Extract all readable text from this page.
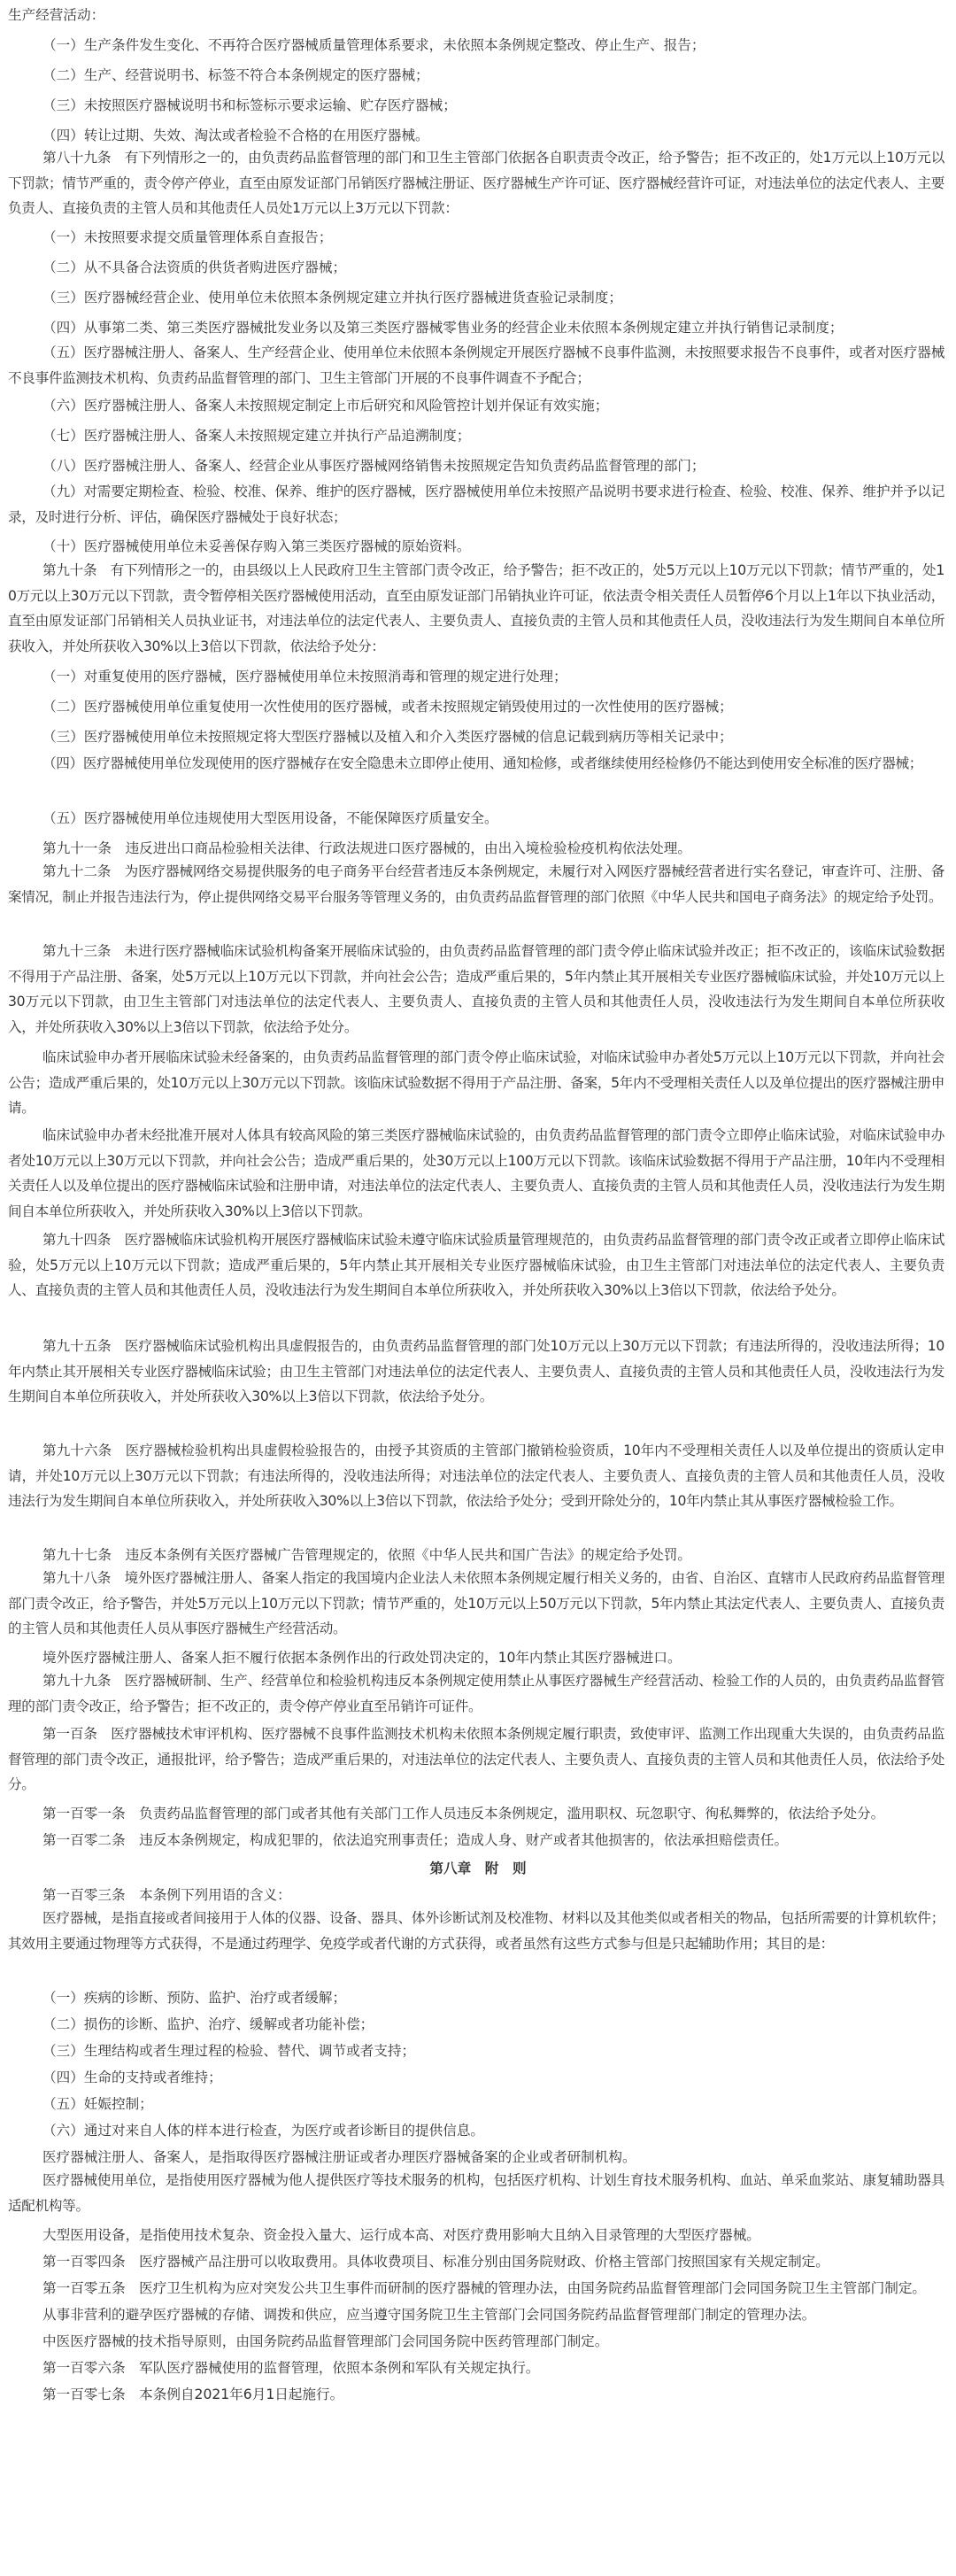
生产经营活动：

（一）生产条件发生变化、不再符合医疗器械质量管理体系要求，未依照本条例规定整改、停止生产、报告；

（二）生产、经营说明书、标签不符合本条例规定的医疗器械；

（三）未按照医疗器械说明书和标签标示要求运输、贮存医疗器械；

（四）转让过期、失效、淘汰或者检验不合格的在用医疗器械。

第八十九条　有下列情形之一的，由负责药品监督管理的部门和卫生主管部门依据各自职责责令改正，给予警告；拒不改正的，处1万元以上10万元以下罚款；情节严重的，责令停产停业，直至由原发证部门吊销医疗器械注册证、医疗器械生产许可证、医疗器械经营许可证，对违法单位的法定代表人、主要负责人、直接负责的主管人员和其他责任人员处1万元以上3万元以下罚款：

（一）未按照要求提交质量管理体系自查报告；

（二）从不具备合法资质的供货者购进医疗器械；

（三）医疗器械经营企业、使用单位未依照本条例规定建立并执行医疗器械进货查验记录制度；

（四）从事第二类、第三类医疗器械批发业务以及第三类医疗器械零售业务的经营企业未依照本条例规定建立并执行销售记录制度；

（五）医疗器械注册人、备案人、生产经营企业、使用单位未依照本条例规定开展医疗器械不良事件监测，未按照要求报告不良事件，或者对医疗器械不良事件监测技术机构、负责药品监督管理的部门、卫生主管部门开展的不良事件调查不予配合；

（六）医疗器械注册人、备案人未按照规定制定上市后研究和风险管控计划并保证有效实施；

（七）医疗器械注册人、备案人未按照规定建立并执行产品追溯制度；

（八）医疗器械注册人、备案人、经营企业从事医疗器械网络销售未按照规定告知负责药品监督管理的部门；

（九）对需要定期检查、检验、校准、保养、维护的医疗器械，医疗器械使用单位未按照产品说明书要求进行检查、检验、校准、保养、维护并予以记录，及时进行分析、评估，确保医疗器械处于良好状态；

（十）医疗器械使用单位未妥善保存购入第三类医疗器械的原始资料。

第九十条　有下列情形之一的，由县级以上人民政府卫生主管部门责令改正，给予警告；拒不改正的，处5万元以上10万元以下罚款；情节严重的，处10万元以上30万元以下罚款，责令暂停相关医疗器械使用活动，直至由原发证部门吊销执业许可证，依法责令相关责任人员暂停6个月以上1年以下执业活动，直至由原发证部门吊销相关人员执业证书，对违法单位的法定代表人、主要负责人、直接负责的主管人员和其他责任人员，没收违法行为发生期间自本单位所获收入，并处所获收入30%以上3倍以下罚款，依法给予处分：

（一）对重复使用的医疗器械，医疗器械使用单位未按照消毒和管理的规定进行处理；

（二）医疗器械使用单位重复使用一次性使用的医疗器械，或者未按照规定销毁使用过的一次性使用的医疗器械；

（三）医疗器械使用单位未按照规定将大型医疗器械以及植入和介入类医疗器械的信息记载到病历等相关记录中；

（四）医疗器械使用单位发现使用的医疗器械存在安全隐患未立即停止使用、通知检修，或者继续使用经检修仍不能达到使用安全标准的医疗器械；

（五）医疗器械使用单位违规使用大型医用设备，不能保障医疗质量安全。

第九十一条　违反进出口商品检验相关法律、行政法规进口医疗器械的，由出入境检验检疫机构依法处理。

第九十二条　为医疗器械网络交易提供服务的电子商务平台经营者违反本条例规定，未履行对入网医疗器械经营者进行实名登记，审查许可、注册、备案情况，制止并报告违法行为，停止提供网络交易平台服务等管理义务的，由负责药品监督管理的部门依照《中华人民共和国电子商务法》的规定给予处罚。

第九十三条　未进行医疗器械临床试验机构备案开展临床试验的，由负责药品监督管理的部门责令停止临床试验并改正；拒不改正的，该临床试验数据不得用于产品注册、备案，处5万元以上10万元以下罚款，并向社会公告；造成严重后果的，5年内禁止其开展相关专业医疗器械临床试验，并处10万元以上30万元以下罚款，由卫生主管部门对违法单位的法定代表人、主要负责人、直接负责的主管人员和其他责任人员，没收违法行为发生期间自本单位所获收入，并处所获收入30%以上3倍以下罚款，依法给予处分。

临床试验申办者开展临床试验未经备案的，由负责药品监督管理的部门责令停止临床试验，对临床试验申办者处5万元以上10万元以下罚款，并向社会公告；造成严重后果的，处10万元以上30万元以下罚款。该临床试验数据不得用于产品注册、备案，5年内不受理相关责任人以及单位提出的医疗器械注册申请。

临床试验申办者未经批准开展对人体具有较高风险的第三类医疗器械临床试验的，由负责药品监督管理的部门责令立即停止临床试验，对临床试验申办者处10万元以上30万元以下罚款，并向社会公告；造成严重后果的，处30万元以上100万元以下罚款。该临床试验数据不得用于产品注册，10年内不受理相关责任人以及单位提出的医疗器械临床试验和注册申请，对违法单位的法定代表人、主要负责人、直接负责的主管人员和其他责任人员，没收违法行为发生期间自本单位所获收入，并处所获收入30%以上3倍以下罚款。

第九十四条　医疗器械临床试验机构开展医疗器械临床试验未遵守临床试验质量管理规范的，由负责药品监督管理的部门责令改正或者立即停止临床试验，处5万元以上10万元以下罚款；造成严重后果的，5年内禁止其开展相关专业医疗器械临床试验，由卫生主管部门对违法单位的法定代表人、主要负责人、直接负责的主管人员和其他责任人员，没收违法行为发生期间自本单位所获收入，并处所获收入30%以上3倍以下罚款，依法给予处分。

第九十五条　医疗器械临床试验机构出具虚假报告的，由负责药品监督管理的部门处10万元以上30万元以下罚款；有违法所得的，没收违法所得；10年内禁止其开展相关专业医疗器械临床试验；由卫生主管部门对违法单位的法定代表人、主要负责人、直接负责的主管人员和其他责任人员，没收违法行为发生期间自本单位所获收入，并处所获收入30%以上3倍以下罚款，依法给予处分。

第九十六条　医疗器械检验机构出具虚假检验报告的，由授予其资质的主管部门撤销检验资质，10年内不受理相关责任人以及单位提出的资质认定申请，并处10万元以上30万元以下罚款；有违法所得的，没收违法所得；对违法单位的法定代表人、主要负责人、直接负责的主管人员和其他责任人员，没收违法行为发生期间自本单位所获收入，并处所获收入30%以上3倍以下罚款，依法给予处分；受到开除处分的，10年内禁止其从事医疗器械检验工作。

第九十七条　违反本条例有关医疗器械广告管理规定的，依照《中华人民共和国广告法》的规定给予处罚。

第九十八条　境外医疗器械注册人、备案人指定的我国境内企业法人未依照本条例规定履行相关义务的，由省、自治区、直辖市人民政府药品监督管理部门责令改正，给予警告，并处5万元以上10万元以下罚款；情节严重的，处10万元以上50万元以下罚款，5年内禁止其法定代表人、主要负责人、直接负责的主管人员和其他责任人员从事医疗器械生产经营活动。

境外医疗器械注册人、备案人拒不履行依据本条例作出的行政处罚决定的，10年内禁止其医疗器械进口。

第九十九条　医疗器械研制、生产、经营单位和检验机构违反本条例规定使用禁止从事医疗器械生产经营活动、检验工作的人员的，由负责药品监督管理的部门责令改正，给予警告；拒不改正的，责令停产停业直至吊销许可证件。

第一百条　医疗器械技术审评机构、医疗器械不良事件监测技术机构未依照本条例规定履行职责，致使审评、监测工作出现重大失误的，由负责药品监督管理的部门责令改正，通报批评，给予警告；造成严重后果的，对违法单位的法定代表人、主要负责人、直接负责的主管人员和其他责任人员，依法给予处分。

第一百零一条　负责药品监督管理的部门或者其他有关部门工作人员违反本条例规定，滥用职权、玩忽职守、徇私舞弊的，依法给予处分。

第一百零二条　违反本条例规定，构成犯罪的，依法追究刑事责任；造成人身、财产或者其他损害的，依法承担赔偿责任。

第八章　附　则

第一百零三条　本条例下列用语的含义：

医疗器械，是指直接或者间接用于人体的仪器、设备、器具、体外诊断试剂及校准物、材料以及其他类似或者相关的物品，包括所需要的计算机软件；其效用主要通过物理等方式获得，不是通过药理学、免疫学或者代谢的方式获得，或者虽然有这些方式参与但是只起辅助作用；其目的是：

（一）疾病的诊断、预防、监护、治疗或者缓解；

（二）损伤的诊断、监护、治疗、缓解或者功能补偿；

（三）生理结构或者生理过程的检验、替代、调节或者支持；

（四）生命的支持或者维持；

（五）妊娠控制；

（六）通过对来自人体的样本进行检查，为医疗或者诊断目的提供信息。

医疗器械注册人、备案人，是指取得医疗器械注册证或者办理医疗器械备案的企业或者研制机构。

医疗器械使用单位，是指使用医疗器械为他人提供医疗等技术服务的机构，包括医疗机构、计划生育技术服务机构、血站、单采血浆站、康复辅助器具适配机构等。

大型医用设备，是指使用技术复杂、资金投入量大、运行成本高、对医疗费用影响大且纳入目录管理的大型医疗器械。

第一百零四条　医疗器械产品注册可以收取费用。具体收费项目、标准分别由国务院财政、价格主管部门按照国家有关规定制定。

第一百零五条　医疗卫生机构为应对突发公共卫生事件而研制的医疗器械的管理办法，由国务院药品监督管理部门会同国务院卫生主管部门制定。

从事非营利的避孕医疗器械的存储、调拨和供应，应当遵守国务院卫生主管部门会同国务院药品监督管理部门制定的管理办法。

中医医疗器械的技术指导原则，由国务院药品监督管理部门会同国务院中医药管理部门制定。

第一百零六条　军队医疗器械使用的监督管理，依照本条例和军队有关规定执行。

第一百零七条　本条例自2021年6月1日起施行。
